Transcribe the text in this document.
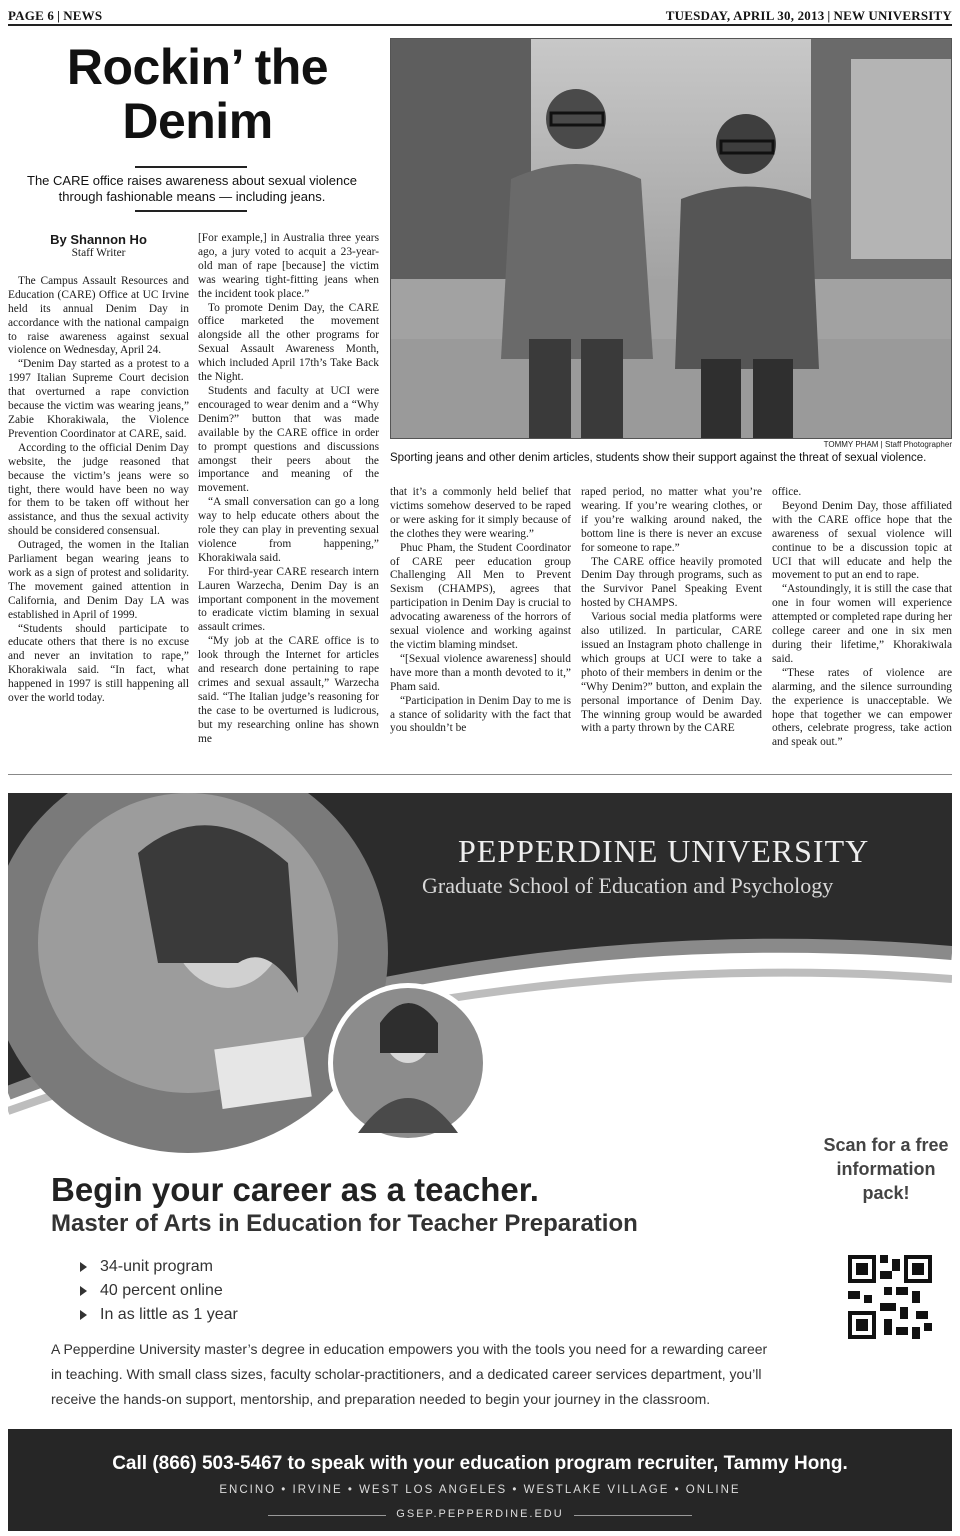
PAGE 6 | NEWS	TUESDAY, APRIL 30, 2013 | NEW UNIVERSITY
Rockin’ the Denim
The CARE office raises awareness about sexual violence through fashionable means — including jeans.
TOMMY PHAM | Staff Photographer
Sporting jeans and other denim articles, students show their support against the threat of sexual violence.

By Shannon Ho

Staff Writer

The Campus Assault Resources and Education (CARE) Office at UC Irvine held its annual Denim Day in accordance with the national campaign to raise awareness against sexual violence on Wednesday, April 24.

“Denim Day started as a protest to a 1997 Italian Supreme Court decision that overturned a rape conviction because the victim was wearing jeans,” Zabie Khorakiwala, the Violence Prevention Coordinator at CARE, said.

According to the official Denim Day website, the judge reasoned that because the victim’s jeans were so tight, there would have been no way for them to be taken off without her assistance, and thus the sexual activity should be considered consensual.

Outraged, the women in the Italian Parliament began wearing jeans to work as a sign of protest and solidarity. The movement gained attention in California, and Denim Day LA was established in April of 1999.

“Students should participate to educate others that there is no excuse and never an invitation to rape,” Khorakiwala said. “In fact, what happened in 1997 is still happening all over the world today.

[For example,] in Australia three years ago, a jury voted to acquit a 23-year-old man of rape [because] the victim was wearing tight-fitting jeans when the incident took place.”

To promote Denim Day, the CARE office marketed the movement alongside all the other programs for Sexual Assault Awareness Month, which included April 17th’s Take Back the Night.

Students and faculty at UCI were encouraged to wear denim and a “Why Denim?” button that was made available by the CARE office in order to prompt questions and discussions amongst their peers about the importance and meaning of the movement.

“A small conversation can go a long way to help educate others about the role they can play in preventing sexual violence from happening,” Khorakiwala said.

For third-year CARE research intern Lauren Warzecha, Denim Day is an important component in the movement to eradicate victim blaming in sexual assault crimes.

“My job at the CARE office is to look through the Internet for articles and research done pertaining to rape crimes and sexual assault,” Warzecha said. “The Italian judge’s reasoning for the case to be overturned is ludicrous, but my researching online has shown me

that it’s a commonly held belief that victims somehow deserved to be raped or were asking for it simply because of the clothes they were wearing.”

Phuc Pham, the Student Coordinator of CARE peer education group Challenging All Men to Prevent Sexism (CHAMPS), agrees that participation in Denim Day is crucial to advocating awareness of the horrors of sexual violence and working against the victim blaming mindset.

“[Sexual violence awareness] should have more than a month devoted to it,” Pham said.

“Participation in Denim Day to me is a stance of solidarity with the fact that you shouldn’t be

raped period, no matter what you’re wearing. If you’re wearing clothes, or if you’re walking around naked, the bottom line is there is never an excuse for someone to rape.”

The CARE office heavily promoted Denim Day through programs, such as the Survivor Panel Speaking Event hosted by CHAMPS.

Various social media platforms were also utilized. In particular, CARE issued an Instagram photo challenge in which groups at UCI were to take a photo of their members in denim or the “Why Denim?” button, and explain the personal importance of Denim Day. The winning group would be awarded with a party thrown by the CARE

office.

Beyond Denim Day, those affiliated with the CARE office hope that the awareness of sexual violence will continue to be a discussion topic at UCI that will educate and help the movement to put an end to rape.

“Astoundingly, it is still the case that one in four women will experience attempted or completed rape during her college career and one in six men during their lifetime,” Khorakiwala said.

“These rates of violence are alarming, and the silence surrounding the experience is unacceptable. We hope that together we can empower others, celebrate progress, take action and speak out.”

PEPPERDINE UNIVERSITY
Graduate School of Education and Psychology
Begin your career as a teacher.
Master of Arts in Education for Teacher Preparation
34-unit program
40 percent online
In as little as 1 year
A Pepperdine University master’s degree in education empowers you with the tools you need for a rewarding career in teaching. With small class sizes, faculty scholar-practitioners, and a dedicated career services department, you’ll receive the hands-on support, mentorship, and preparation needed to begin your journey in the classroom.
Scan for a free information pack!
Call (866) 503-5467 to speak with your education program recruiter, Tammy Hong.
ENCINO • IRVINE • WEST LOS ANGELES • WESTLAKE VILLAGE • ONLINE
GSEP.PEPPERDINE.EDU
